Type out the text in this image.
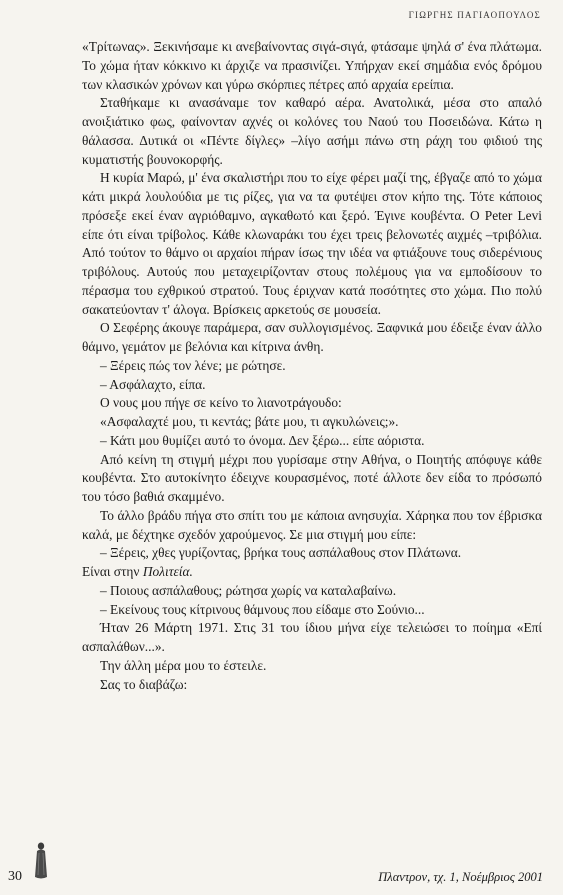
ΓΙΩΡΓΗΣ ΠΑΓΙΑΟΠΟΥΛΟΣ

«Τρίτωνας». Ξεκινήσαμε κι ανεβαίνοντας σιγά-σιγά, φτάσαμε ψηλά σ' ένα πλάτωμα. Το χώμα ήταν κόκκινο κι άρχιζε να πρασινίζει. Υπήρχαν εκεί σημάδια ενός δρόμου των κλασικών χρόνων και γύρω σκόρπιες πέτρες από αρχαία ερείπια.

Σταθήκαμε κι ανασάναμε τον καθαρό αέρα. Ανατολικά, μέσα στο απαλό ανοιξιάτικο φως, φαίνονταν αχνές οι κολόνες του Ναού του Ποσειδώνα. Κάτω η θάλασσα. Δυτικά οι «Πέντε δίγλες» –λίγο ασήμι πάνω στη ράχη του φιδιού της κυματιστής βουνοκορφής.

Η κυρία Μαρώ, μ' ένα σκαλιστήρι που το είχε φέρει μαζί της, έβγαζε από το χώμα κάτι μικρά λουλούδια με τις ρίζες, για να τα φυτέψει στον κήπο της. Τότε κάποιος πρόσεξε εκεί έναν αγριόθαμνο, αγκαθωτό και ξερό. Έγινε κουβέντα. Ο Peter Levi είπε ότι είναι τρίβολος. Κάθε κλωναράκι του έχει τρεις βελονωτές αιχμές –τριβόλια. Από τούτον το θάμνο οι αρχαίοι πήραν ίσως την ιδέα να φτιάξουνε τους σιδερένιους τριβόλους. Αυτούς που μεταχειρίζονταν στους πολέμους για να εμποδίσουν το πέρασμα του εχθρικού στρατού. Τους έριχναν κατά ποσότητες στο χώμα. Πιο πολύ σακατεύονταν τ' άλογα. Βρίσκεις αρκετούς σε μουσεία.

Ο Σεφέρης άκουγε παράμερα, σαν συλλογισμένος. Ξαφνικά μου έδειξε έναν άλλο θάμνο, γεμάτον με βελόνια και κίτρινα άνθη.

– Ξέρεις πώς τον λένε; με ρώτησε.

– Ασφάλαχτο, είπα.

Ο νους μου πήγε σε κείνο το λιανοτράγουδο:

«Ασφαλαχτέ μου, τι κεντάς; βάτε μου, τι αγκυλώνεις;».

– Κάτι μου θυμίζει αυτό το όνομα. Δεν ξέρω... είπε αόριστα.

Από κείνη τη στιγμή μέχρι που γυρίσαμε στην Αθήνα, ο Ποιητής απόφυγε κάθε κουβέντα. Στο αυτοκίνητο έδειχνε κουρασμένος, ποτέ άλλοτε δεν είδα το πρόσωπό του τόσο βαθιά σκαμμένο.

Το άλλο βράδυ πήγα στο σπίτι του με κάποια ανησυχία. Χάρηκα που τον έβρισκα καλά, με δέχτηκε σχεδόν χαρούμενος. Σε μια στιγμή μου είπε:

– Ξέρεις, χθες γυρίζοντας, βρήκα τους ασπάλαθους στον Πλάτωνα.

Είναι στην Πολιτεία.

– Ποιους ασπάλαθους; ρώτησα χωρίς να καταλαβαίνω.

– Εκείνους τους κίτρινους θάμνους που είδαμε στο Σούνιο...

Ήταν 26 Μάρτη 1971. Στις 31 του ίδιου μήνα είχε τελειώσει το ποίημα «Επί ασπαλάθων...».

Την άλλη μέρα μου το έστειλε.

Σας το διαβάζω:

30	Πλαντρον, τχ. 1, Νοέμβριος 2001
